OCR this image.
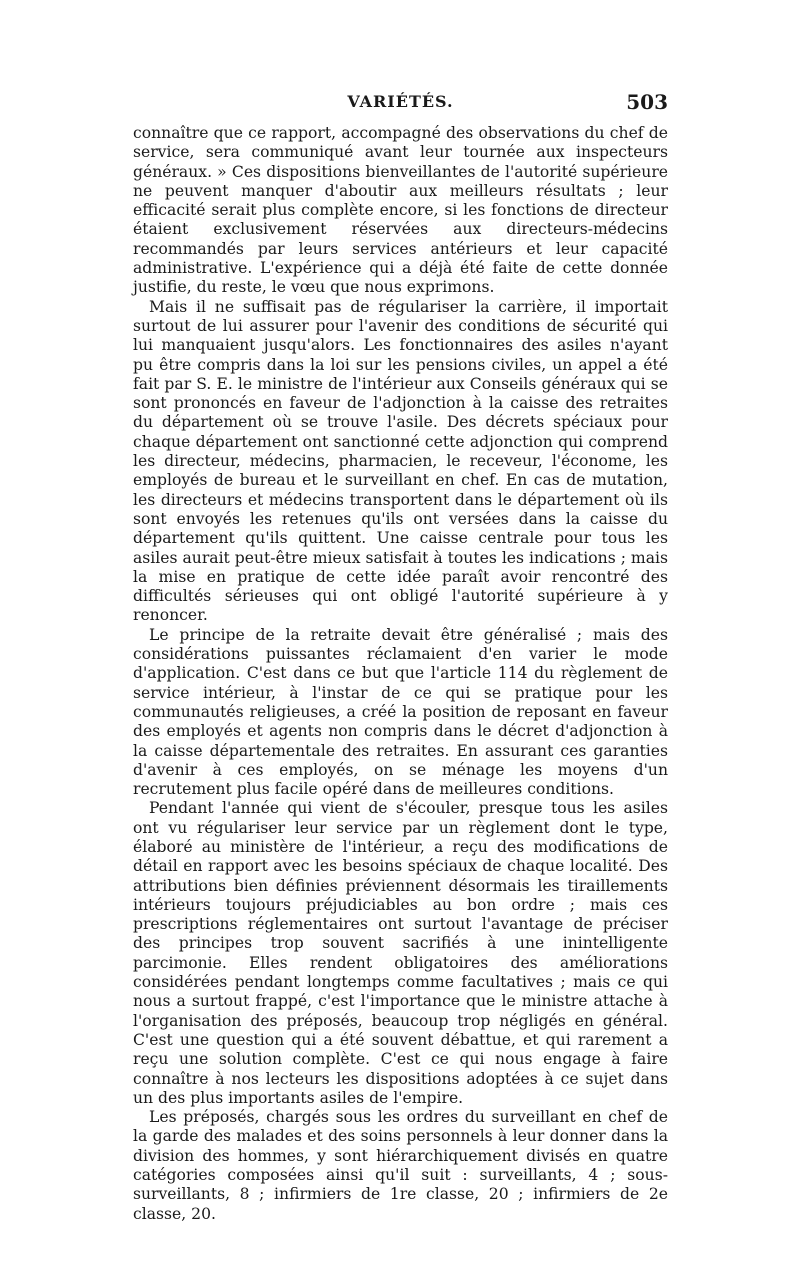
VARIÉTÉS.	503

connaître que ce rapport, accompagné des observations du chef de service, sera communiqué avant leur tournée aux inspecteurs généraux. » Ces dispositions bienveillantes de l'autorité supérieure ne peuvent manquer d'aboutir aux meilleurs résultats ; leur efficacité serait plus complète encore, si les fonctions de directeur étaient exclusivement réservées aux directeurs-médecins recommandés par leurs services antérieurs et leur capacité administrative. L'expérience qui a déjà été faite de cette donnée justifie, du reste, le vœu que nous exprimons.

Mais il ne suffisait pas de régulariser la carrière, il importait surtout de lui assurer pour l'avenir des conditions de sécurité qui lui manquaient jusqu'alors. Les fonctionnaires des asiles n'ayant pu être compris dans la loi sur les pensions civiles, un appel a été fait par S. E. le ministre de l'intérieur aux Conseils généraux qui se sont prononcés en faveur de l'adjonction à la caisse des retraites du département où se trouve l'asile. Des décrets spéciaux pour chaque département ont sanctionné cette adjonction qui comprend les directeur, médecins, pharmacien, le receveur, l'économe, les employés de bureau et le surveillant en chef. En cas de mutation, les directeurs et médecins transportent dans le département où ils sont envoyés les retenues qu'ils ont versées dans la caisse du département qu'ils quittent. Une caisse centrale pour tous les asiles aurait peut-être mieux satisfait à toutes les indications ; mais la mise en pratique de cette idée paraît avoir rencontré des difficultés sérieuses qui ont obligé l'autorité supérieure à y renoncer.

Le principe de la retraite devait être généralisé ; mais des considérations puissantes réclamaient d'en varier le mode d'application. C'est dans ce but que l'article 114 du règlement de service intérieur, à l'instar de ce qui se pratique pour les communautés religieuses, a créé la position de reposant en faveur des employés et agents non compris dans le décret d'adjonction à la caisse départementale des retraites. En assurant ces garanties d'avenir à ces employés, on se ménage les moyens d'un recrutement plus facile opéré dans de meilleures conditions.

Pendant l'année qui vient de s'écouler, presque tous les asiles ont vu régulariser leur service par un règlement dont le type, élaboré au ministère de l'intérieur, a reçu des modifications de détail en rapport avec les besoins spéciaux de chaque localité. Des attributions bien définies préviennent désormais les tiraillements intérieurs toujours préjudiciables au bon ordre ; mais ces prescriptions réglementaires ont surtout l'avantage de préciser des principes trop souvent sacrifiés à une inintelligente parcimonie. Elles rendent obligatoires des améliorations considérées pendant longtemps comme facultatives ; mais ce qui nous a surtout frappé, c'est l'importance que le ministre attache à l'organisation des préposés, beaucoup trop négligés en général. C'est une question qui a été souvent débattue, et qui rarement a reçu une solution complète. C'est ce qui nous engage à faire connaître à nos lecteurs les dispositions adoptées à ce sujet dans un des plus importants asiles de l'empire.

Les préposés, chargés sous les ordres du surveillant en chef de la garde des malades et des soins personnels à leur donner dans la division des hommes, y sont hiérarchiquement divisés en quatre catégories composées ainsi qu'il suit : surveillants, 4 ; sous-surveillants, 8 ; infirmiers de 1re classe, 20 ; infirmiers de 2e classe, 20.
